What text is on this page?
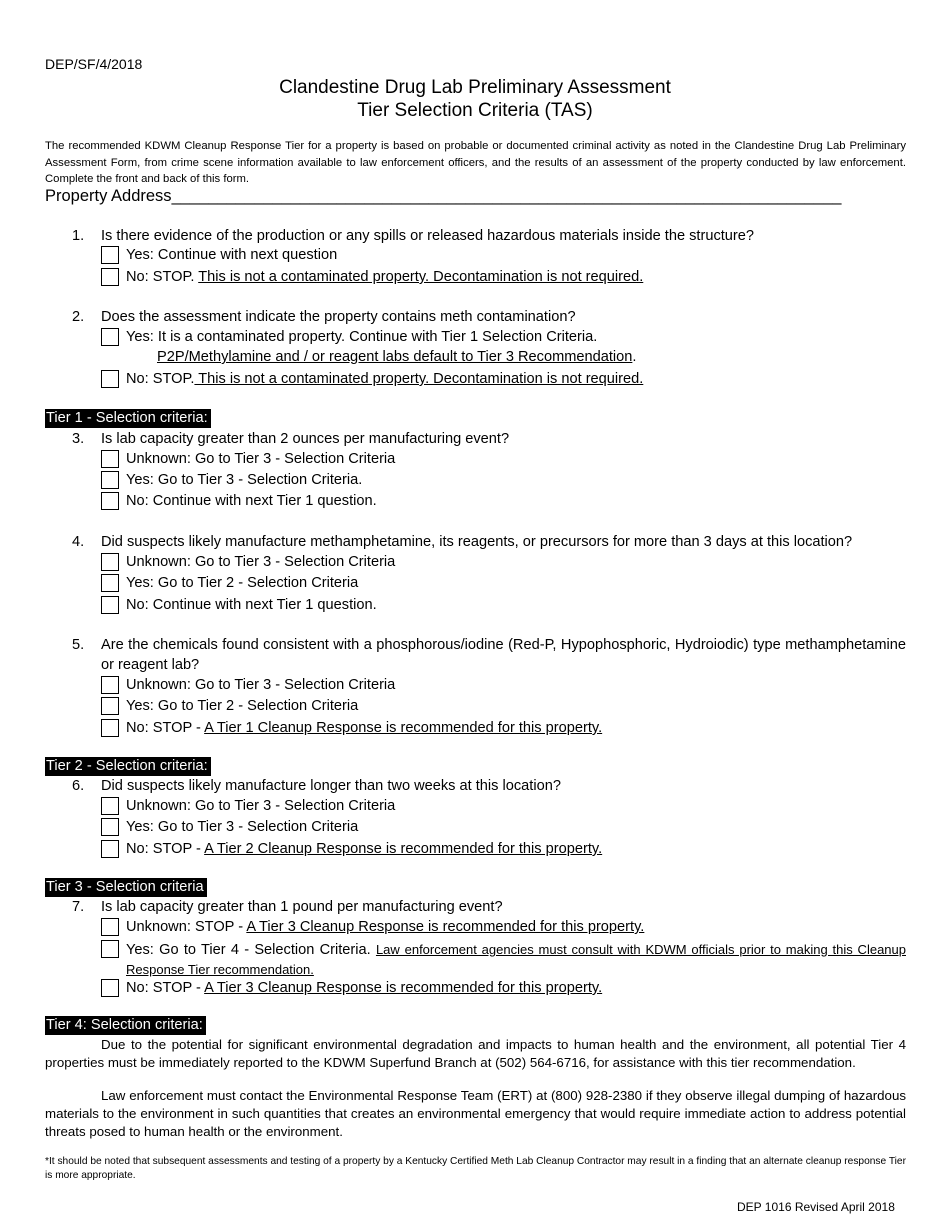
DEP/SF/4/2018
Clandestine Drug Lab Preliminary Assessment
Tier Selection Criteria (TAS)
The recommended KDWM Cleanup Response Tier for a property is based on probable or documented criminal activity as noted in the Clandestine Drug Lab Preliminary Assessment Form, from crime scene information available to law enforcement officers, and the results of an assessment of the property conducted by law enforcement. Complete the front and back of this form.
Property Address_________________________________________________________________________
1.	Is there evidence of the production or any spills or released hazardous materials inside the structure?
Yes: Continue with next question
No: STOP. This is not a contaminated property. Decontamination is not required.
2.	Does the assessment indicate the property contains meth contamination?
Yes: It is a contaminated property. Continue with Tier 1 Selection Criteria.
P2P/Methylamine and / or reagent labs default to Tier 3 Recommendation.
No: STOP. This is not a contaminated property. Decontamination is not required.
Tier 1 - Selection criteria:
3.	Is lab capacity greater than 2 ounces per manufacturing event?
Unknown: Go to Tier 3 - Selection Criteria
Yes: Go to Tier 3 - Selection Criteria.
No: Continue with next Tier 1 question.
4.	Did suspects likely manufacture methamphetamine, its reagents, or precursors for more than 3 days at this location?
Unknown: Go to Tier 3 - Selection Criteria
Yes: Go to Tier 2 - Selection Criteria
No: Continue with next Tier 1 question.
5.	Are the chemicals found consistent with a phosphorous/iodine (Red-P, Hypophosphoric, Hydroiodic) type methamphetamine or reagent lab?
Unknown: Go to Tier 3 - Selection Criteria
Yes: Go to Tier 2 - Selection Criteria
No: STOP - A Tier 1 Cleanup Response is recommended for this property.
Tier 2 - Selection criteria:
6.	Did suspects likely manufacture longer than two weeks at this location?
Unknown: Go to Tier 3 - Selection Criteria
Yes: Go to Tier 3 - Selection Criteria
No: STOP - A Tier 2 Cleanup Response is recommended for this property.
Tier 3 - Selection criteria
7.	Is lab capacity greater than 1 pound per manufacturing event?
Unknown: STOP - A Tier 3 Cleanup Response is recommended for this property.
Yes: Go to Tier 4 - Selection Criteria. Law enforcement agencies must consult with KDWM officials prior to making this Cleanup Response Tier recommendation.
No: STOP - A Tier 3 Cleanup Response is recommended for this property.
Tier 4: Selection criteria:
Due to the potential for significant environmental degradation and impacts to human health and the environment, all potential Tier 4 properties must be immediately reported to the KDWM Superfund Branch at (502) 564-6716, for assistance with this tier recommendation.
Law enforcement must contact the Environmental Response Team (ERT) at (800) 928-2380 if they observe illegal dumping of hazardous materials to the environment in such quantities that creates an environmental emergency that would require immediate action to address potential threats posed to human health or the environment.
*It should be noted that subsequent assessments and testing of a property by a Kentucky Certified Meth Lab Cleanup Contractor may result in a finding that an alternate cleanup response Tier is more appropriate.
DEP 1016 Revised April 2018
